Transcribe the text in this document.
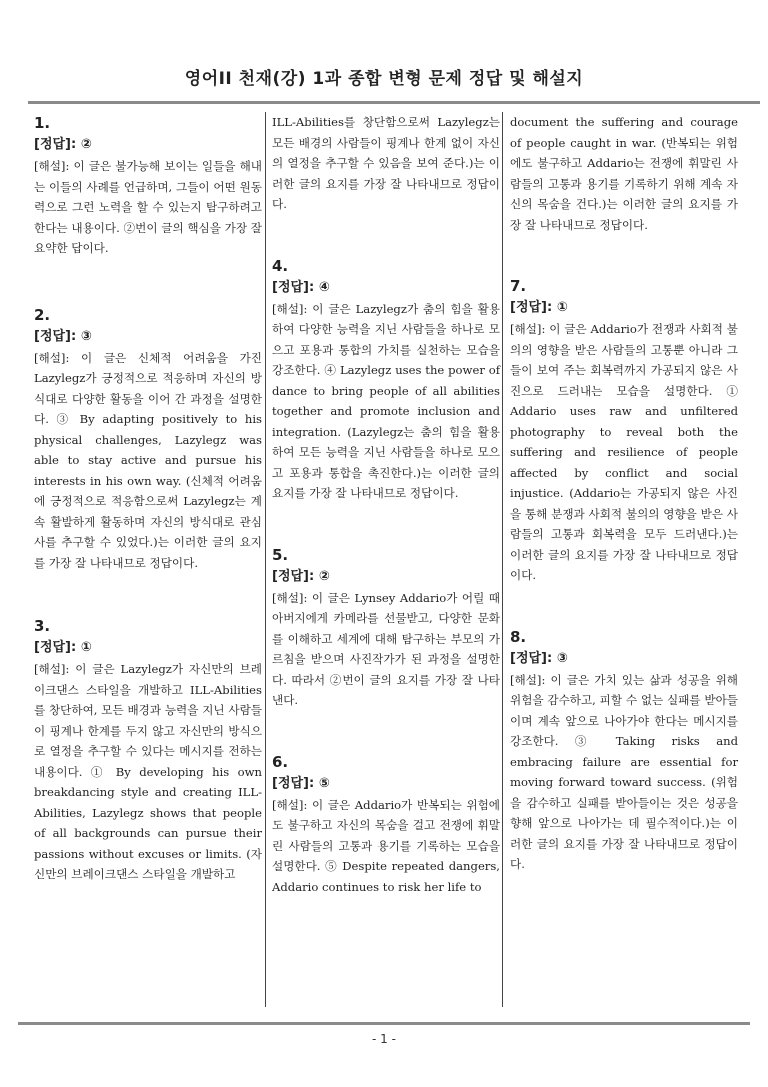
영어II 천재(강) 1과 종합 변형 문제 정답 및 해설지
1.
[정답]: ②

[해설]: 이 글은 불가능해 보이는 일들을 해내는 이들의 사례를 언급하며, 그들이 어떤 원동력으로 그런 노력을 할 수 있는지 탐구하려고 한다는 내용이다. ②번이 글의 핵심을 가장 잘 요약한 답이다.

2.
[정답]: ③

[해설]: 이 글은 신체적 어려움을 가진 Lazylegz가 긍정적으로 적응하며 자신의 방식대로 다양한 활동을 이어 간 과정을 설명한다. ③ By adapting positively to his physical challenges, Lazylegz was able to stay active and pursue his interests in his own way. (신체적 어려움에 긍정적으로 적응함으로써 Lazylegz는 계속 활발하게 활동하며 자신의 방식대로 관심사를 추구할 수 있었다.)는 이러한 글의 요지를 가장 잘 나타내므로 정답이다.

3.
[정답]: ①

[해설]: 이 글은 Lazylegz가 자신만의 브레이크댄스 스타일을 개발하고 ILL-Abilities를 창단하여, 모든 배경과 능력을 지닌 사람들이 핑계나 한계를 두지 않고 자신만의 방식으로 열정을 추구할 수 있다는 메시지를 전하는 내용이다. ① By developing his own breakdancing style and creating ILL-Abilities, Lazylegz shows that people of all backgrounds can pursue their passions without excuses or limits. (자신만의 브레이크댄스 스타일을 개발하고

ILL-Abilities를 창단함으로써 Lazylegz는 모든 배경의 사람들이 핑계나 한계 없이 자신의 열정을 추구할 수 있음을 보여 준다.)는 이러한 글의 요지를 가장 잘 나타내므로 정답이다.

4.
[정답]: ④

[해설]: 이 글은 Lazylegz가 춤의 힘을 활용하여 다양한 능력을 지닌 사람들을 하나로 모으고 포용과 통합의 가치를 실천하는 모습을 강조한다. ④ Lazylegz uses the power of dance to bring people of all abilities together and promote inclusion and integration. (Lazylegz는 춤의 힘을 활용하여 모든 능력을 지닌 사람들을 하나로 모으고 포용과 통합을 촉진한다.)는 이러한 글의 요지를 가장 잘 나타내므로 정답이다.

5.
[정답]: ②

[해설]: 이 글은 Lynsey Addario가 어릴 때 아버지에게 카메라를 선물받고, 다양한 문화를 이해하고 세계에 대해 탐구하는 부모의 가르침을 받으며 사진작가가 된 과정을 설명한다. 따라서 ②번이 글의 요지를 가장 잘 나타낸다.

6.
[정답]: ⑤

[해설]: 이 글은 Addario가 반복되는 위험에도 불구하고 자신의 목숨을 걸고 전쟁에 휘말린 사람들의 고통과 용기를 기록하는 모습을 설명한다. ⑤ Despite repeated dangers, Addario continues to risk her life to

document the suffering and courage of people caught in war. (반복되는 위험에도 불구하고 Addario는 전쟁에 휘말린 사람들의 고통과 용기를 기록하기 위해 계속 자신의 목숨을 건다.)는 이러한 글의 요지를 가장 잘 나타내므로 정답이다.

7.
[정답]: ①

[해설]: 이 글은 Addario가 전쟁과 사회적 불의의 영향을 받은 사람들의 고통뿐 아니라 그들이 보여 주는 회복력까지 가공되지 않은 사진으로 드러내는 모습을 설명한다. ① Addario uses raw and unfiltered photography to reveal both the suffering and resilience of people affected by conflict and social injustice. (Addario는 가공되지 않은 사진을 통해 분쟁과 사회적 불의의 영향을 받은 사람들의 고통과 회복력을 모두 드러낸다.)는 이러한 글의 요지를 가장 잘 나타내므로 정답이다.

8.
[정답]: ③

[해설]: 이 글은 가치 있는 삶과 성공을 위해 위험을 감수하고, 피할 수 없는 실패를 받아들이며 계속 앞으로 나아가야 한다는 메시지를 강조한다. ③ Taking risks and embracing failure are essential for moving forward toward success. (위험을 감수하고 실패를 받아들이는 것은 성공을 향해 앞으로 나아가는 데 필수적이다.)는 이러한 글의 요지를 가장 잘 나타내므로 정답이다.

- 1 -
